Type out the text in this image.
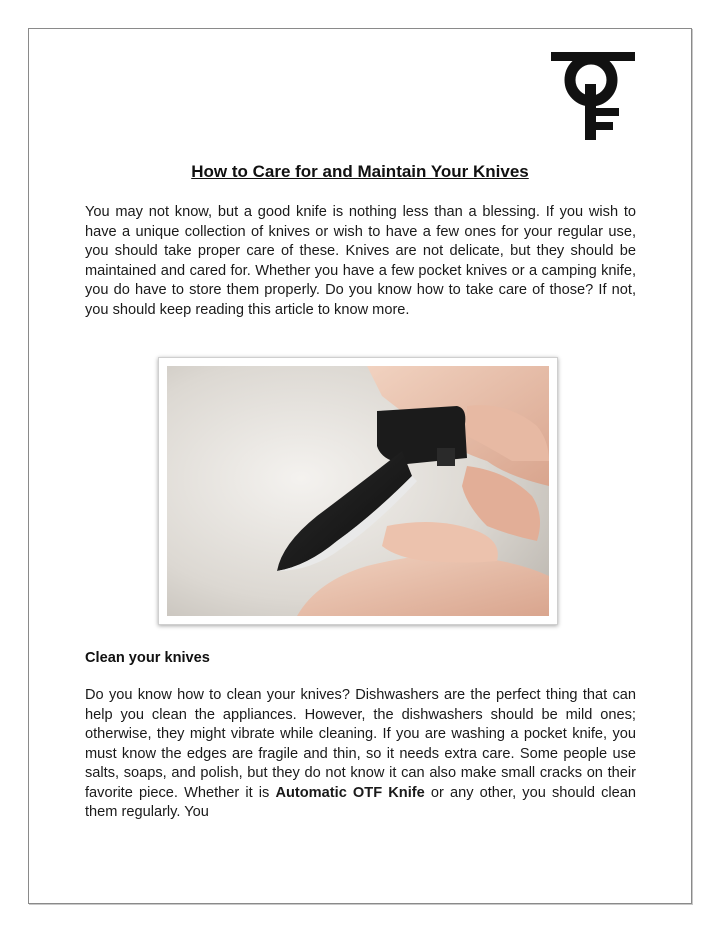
How to Care for and Maintain Your Knives

You may not know, but a good knife is nothing less than a blessing. If you wish to have a unique collection of knives or wish to have a few ones for your regular use, you should take proper care of these. Knives are not delicate, but they should be maintained and cared for. Whether you have a few pocket knives or a camping knife, you do have to store them properly. Do you know how to take care of those? If not, you should keep reading this article to know more.

Clean your knives

Do you know how to clean your knives? Dishwashers are the perfect thing that can help you clean the appliances. However, the dishwashers should be mild ones; otherwise, they might vibrate while cleaning. If you are washing a pocket knife, you must know the edges are fragile and thin, so it needs extra care. Some people use salts, soaps, and polish, but they do not know it can also make small cracks on their favorite piece. Whether it is Automatic OTF Knife or any other, you should clean them regularly. You
